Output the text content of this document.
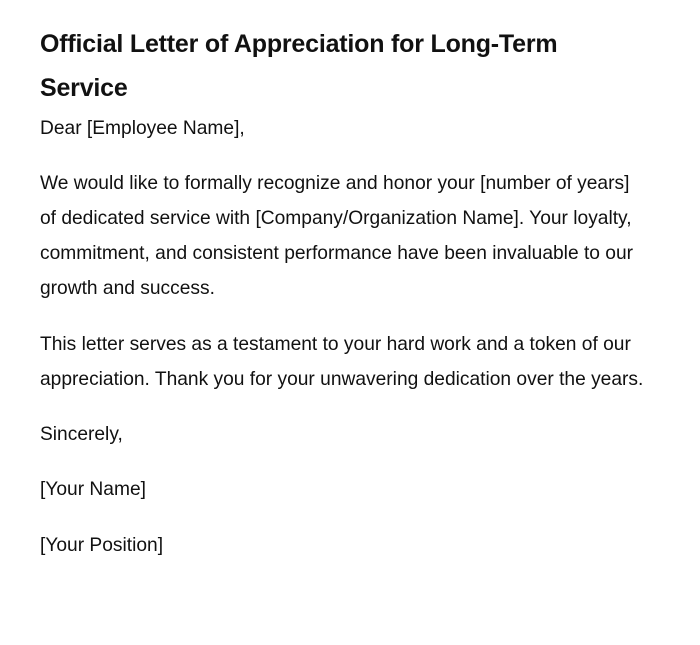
Official Letter of Appreciation for Long-Term Service

Dear [Employee Name],

We would like to formally recognize and honor your [number of years] of dedicated service with [Company/Organization Name]. Your loyalty, commitment, and consistent performance have been invaluable to our growth and success.

This letter serves as a testament to your hard work and a token of our appreciation. Thank you for your unwavering dedication over the years.

Sincerely,

[Your Name]

[Your Position]
